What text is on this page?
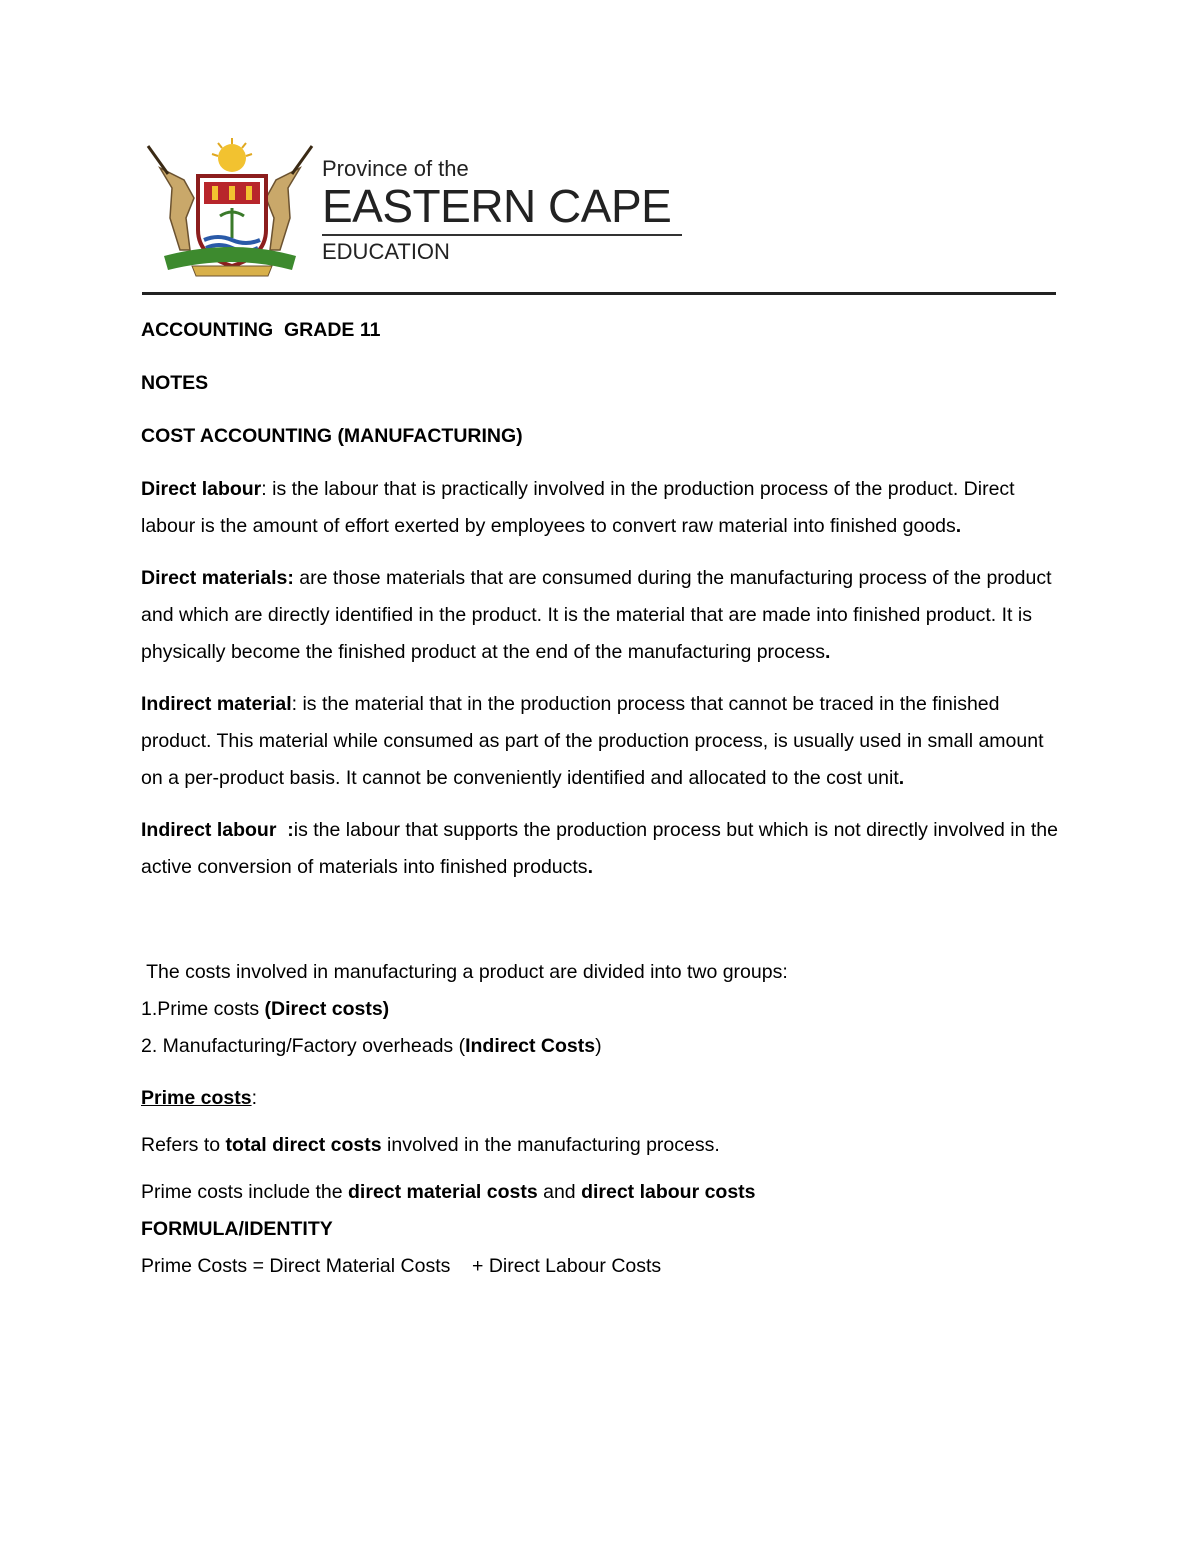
Province of the
EASTERN CAPE
EDUCATION

ACCOUNTING  GRADE 11

NOTES

COST ACCOUNTING (MANUFACTURING)

Direct labour: is the labour that is practically involved in the production process of the product. Direct labour is the amount of effort exerted by employees to convert raw material into finished goods.

Direct materials: are those materials that are consumed during the manufacturing process of the product and which are directly identified in the product. It is the material that are made into finished product. It is physically become the finished product at the end of the manufacturing process.

Indirect material: is the material that in the production process that cannot be traced in the finished product. This material while consumed as part of the production process, is usually used in small amount on a per-product basis. It cannot be conveniently identified and allocated to the cost unit.

Indirect labour  :is the labour that supports the production process but which is not directly involved in the active conversion of materials into finished products.

The costs involved in manufacturing a product are divided into two groups:

1.Prime costs (Direct costs)

2. Manufacturing/Factory overheads (Indirect Costs)

Prime costs:

Refers to total direct costs involved in the manufacturing process.

Prime costs include the direct material costs and direct labour costs

FORMULA/IDENTITY

Prime Costs = Direct Material Costs    + Direct Labour Costs
